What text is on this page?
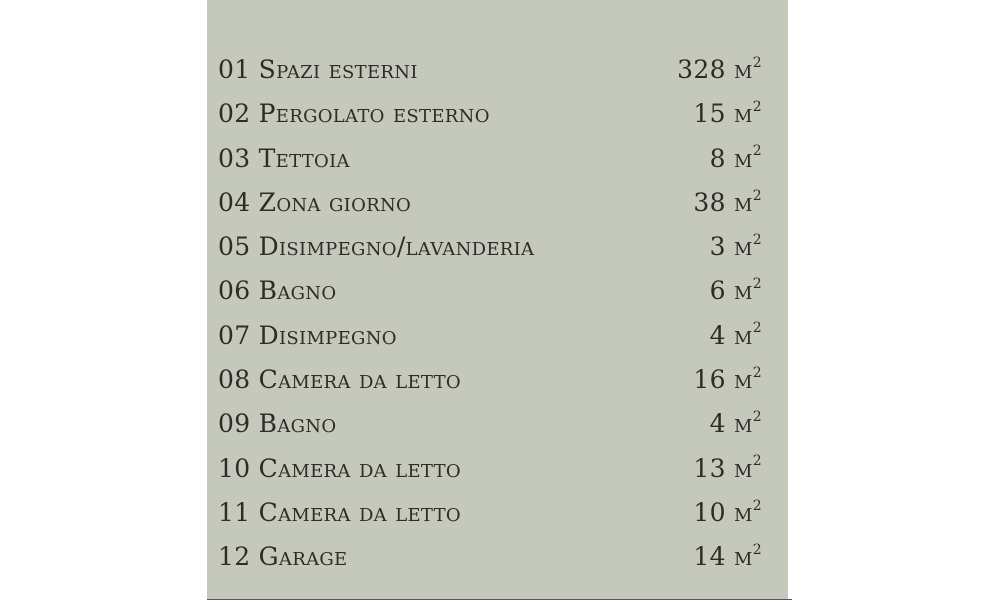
01 Spazi esterni	328 $m^2$
02 Pergolato esterno	15 $m^2$
03 Tettoia	8 $m^2$
04 Zona giorno	38 $m^2$
05 Disimpegno/lavanderia	3 $m^2$
06 Bagno	6 $m^2$
07 Disimpegno	4 $m^2$
08 Camera da letto	16 $m^2$
09 Bagno	4 $m^2$
10 Camera da letto	13 $m^2$
11 Camera da letto	10 $m^2$
12 Garage	14 $m^2$
